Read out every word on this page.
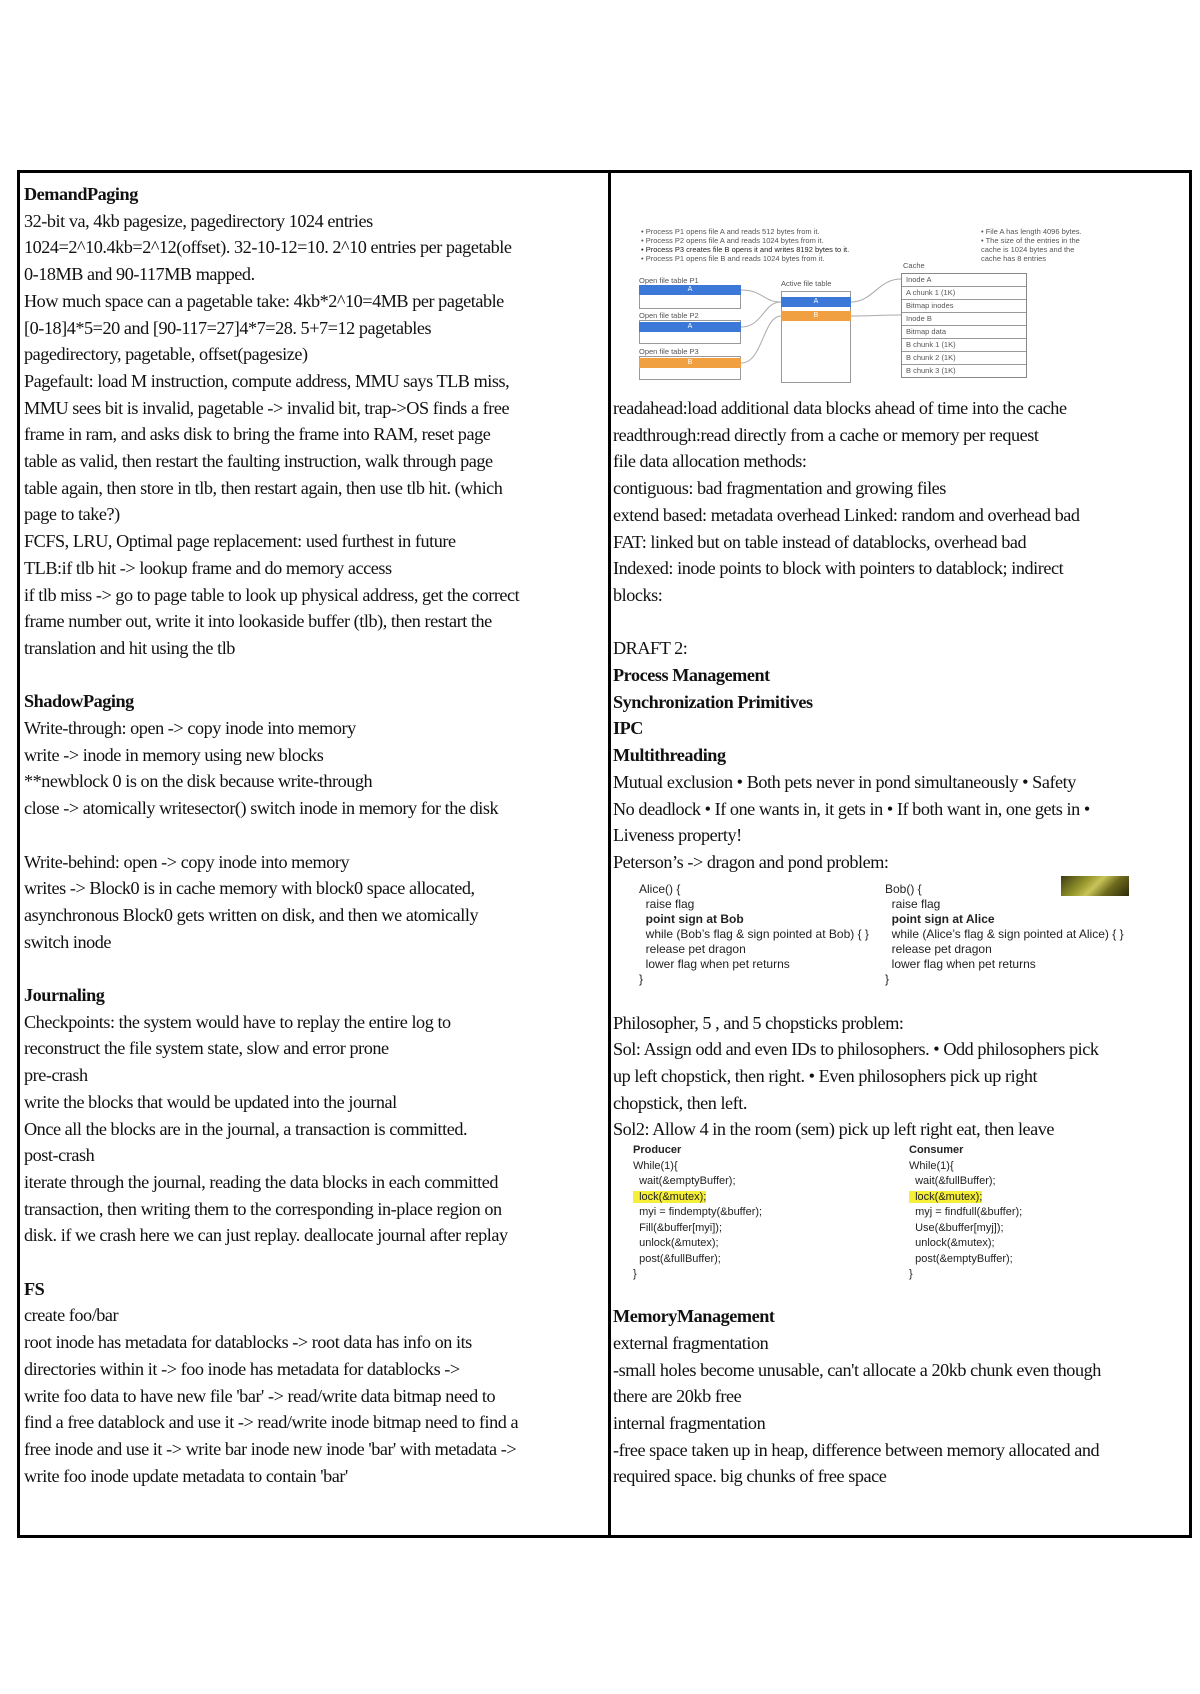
DemandPaging
32-bit va, 4kb pagesize, pagedirectory 1024 entries
1024=2^10.4kb=2^12(offset). 32-10-12=10. 2^10 entries per pagetable
0-18MB and 90-117MB mapped.
How much space can a pagetable take: 4kb*2^10=4MB per pagetable
[0-18]4*5=20 and [90-117=27]4*7=28. 5+7=12 pagetables
pagedirectory, pagetable, offset(pagesize)
Pagefault: load M instruction, compute address, MMU says TLB miss,
MMU sees bit is invalid, pagetable -> invalid bit, trap->OS finds a free
frame in ram, and asks disk to bring the frame into RAM, reset page
table as valid, then restart the faulting instruction, walk through page
table again, then store in tlb, then restart again, then use tlb hit. (which
page to take?)
FCFS, LRU, Optimal page replacement: used furthest in future
TLB:if tlb hit -> lookup frame and do memory access
if tlb miss -> go to page table to look up physical address, get the correct
frame number out, write it into lookaside buffer (tlb), then restart the
translation and hit using the tlb
ShadowPaging
Write-through: open -> copy inode into memory
write -> inode in memory using new blocks
**newblock 0 is on the disk because write-through
close -> atomically writesector() switch inode in memory for the disk
Write-behind: open -> copy inode into memory
writes -> Block0 is in cache memory with block0 space allocated,
asynchronous Block0 gets written on disk, and then we atomically
switch inode
Journaling
Checkpoints: the system would have to replay the entire log to
reconstruct the file system state, slow and error prone
pre-crash
write the blocks that would be updated into the journal
Once all the blocks are in the journal, a transaction is committed.
post-crash
iterate through the journal, reading the data blocks in each committed
transaction, then writing them to the corresponding in-place region on
disk. if we crash here we can just replay. deallocate journal after replay
FS
create foo/bar
root inode has metadata for datablocks -> root data has info on its
directories within it -> foo inode has metadata for datablocks ->
write foo data to have new file 'bar' -> read/write data bitmap need to
find a free datablock and use it -> read/write inode bitmap need to find a
free inode and use it -> write bar inode new inode 'bar' with metadata ->
write foo inode update metadata to contain 'bar'
• Process P1 opens file A and reads 512 bytes from it.
• Process P2 opens file A and reads 1024 bytes from it.
• Process P3 creates file B opens it and writes 8192 bytes to it.
• Process P1 opens file B and reads 1024 bytes from it.
• File A has length 4096 bytes.
• The size of the entries in the
cache is 1024 bytes and the
cache has 8 entries
Open file table P1
A
Open file table P2
A
Open file table P3
B
Active file table
A
B
Cache
Inode A
A chunk 1 (1K)
Bitmap inodes
Inode B
Bitmap data
B chunk 1 (1K)
B chunk 2 (1K)
B chunk 3 (1K)
readahead:load additional data blocks ahead of time into the cache
readthrough:read directly from a cache or memory per request
file data allocation methods:
contiguous: bad fragmentation and growing files
extend based: metadata overhead Linked: random and overhead bad
FAT: linked but on table instead of datablocks, overhead bad
Indexed: inode points to block with pointers to datablock; indirect
blocks:
DRAFT 2:
Process Management
Synchronization Primitives
IPC
Multithreading
Mutual exclusion • Both pets never in pond simultaneously • Safety
No deadlock • If one wants in, it gets in • If both want in, one gets in •
Liveness property!
Peterson’s -> dragon and pond problem:
Alice() {
raise flag
point sign at Bob
while (Bob’s flag & sign pointed at Bob) { }
release pet dragon
lower flag when pet returns
}
Bob() {
raise flag
point sign at Alice
while (Alice’s flag & sign pointed at Alice) { }
release pet dragon
lower flag when pet returns
}
Philosopher, 5 , and 5 chopsticks problem:
Sol: Assign odd and even IDs to philosophers. • Odd philosophers pick
up left chopstick, then right. • Even philosophers pick up right
chopstick, then left.
Sol2: Allow 4 in the room (sem) pick up left right eat, then leave
Producer
While(1){
wait(&emptyBuffer);
lock(&mutex);
myi = findempty(&buffer);
Fill(&buffer[myi]);
unlock(&mutex);
post(&fullBuffer);
}
Consumer
While(1){
wait(&fullBuffer);
lock(&mutex);
myj = findfull(&buffer);
Use(&buffer[myj]);
unlock(&mutex);
post(&emptyBuffer);
}
MemoryManagement
external fragmentation
-small holes become unusable, can't allocate a 20kb chunk even though
there are 20kb free
internal fragmentation
-free space taken up in heap, difference between memory allocated and
required space. big chunks of free space
